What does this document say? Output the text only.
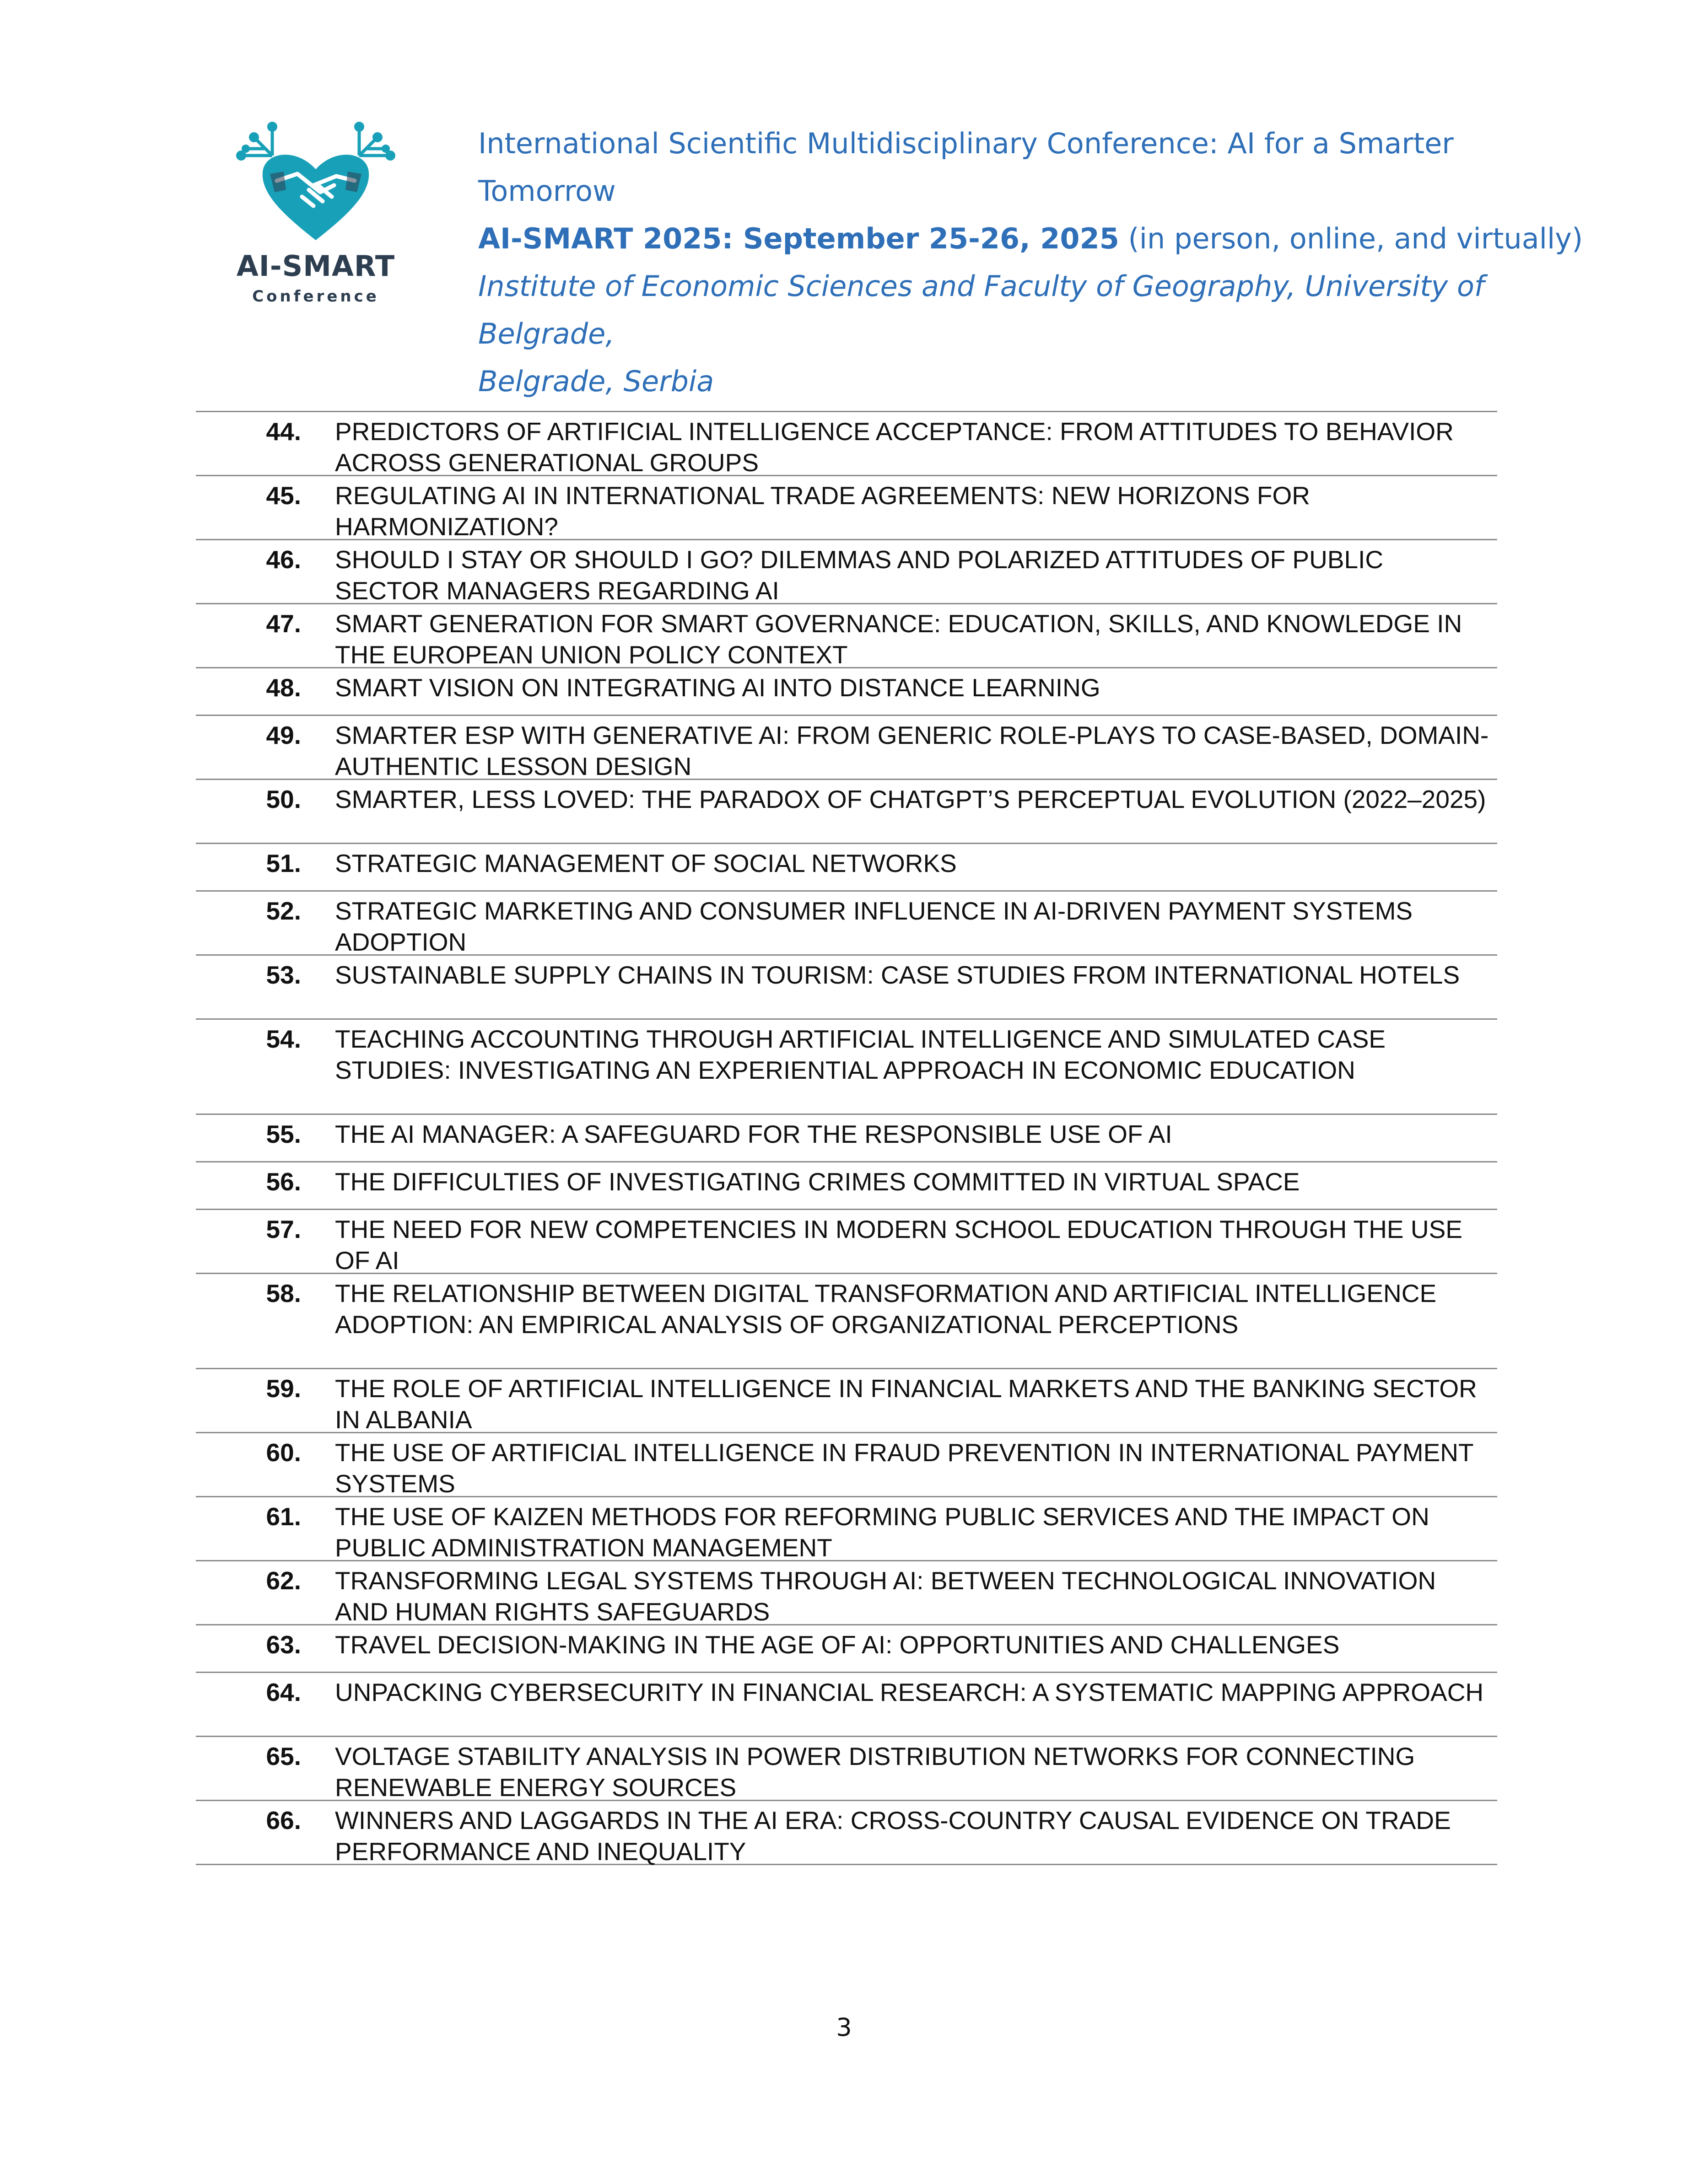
AI-SMART
Conference
International Scientific Multidisciplinary Conference: AI for a Smarter Tomorrow
AI-SMART 2025: September 25-26, 2025 (in person, online, and virtually)
Institute of Economic Sciences and Faculty of Geography, University of Belgrade,
Belgrade, Serbia
44. PREDICTORS OF ARTIFICIAL INTELLIGENCE ACCEPTANCE: FROM ATTITUDES TO BEHAVIOR ACROSS GENERATIONAL GROUPS
45. REGULATING AI IN INTERNATIONAL TRADE AGREEMENTS: NEW HORIZONS FOR HARMONIZATION?
46. SHOULD I STAY OR SHOULD I GO? DILEMMAS AND POLARIZED ATTITUDES OF PUBLIC SECTOR MANAGERS REGARDING AI
47. SMART GENERATION FOR SMART GOVERNANCE: EDUCATION, SKILLS, AND KNOWLEDGE IN THE EUROPEAN UNION POLICY CONTEXT
48. SMART VISION ON INTEGRATING AI INTO DISTANCE LEARNING
49. SMARTER ESP WITH GENERATIVE AI: FROM GENERIC ROLE-PLAYS TO CASE-BASED, DOMAIN-AUTHENTIC LESSON DESIGN
50. SMARTER, LESS LOVED: THE PARADOX OF CHATGPT’S PERCEPTUAL EVOLUTION (2022–2025)
51. STRATEGIC MANAGEMENT OF SOCIAL NETWORKS
52. STRATEGIC MARKETING AND CONSUMER INFLUENCE IN AI-DRIVEN PAYMENT SYSTEMS ADOPTION
53. SUSTAINABLE SUPPLY CHAINS IN TOURISM: CASE STUDIES FROM INTERNATIONAL HOTELS
54. TEACHING ACCOUNTING THROUGH ARTIFICIAL INTELLIGENCE AND SIMULATED CASE STUDIES: INVESTIGATING AN EXPERIENTIAL APPROACH IN ECONOMIC EDUCATION
55. THE AI MANAGER: A SAFEGUARD FOR THE RESPONSIBLE USE OF AI
56. THE DIFFICULTIES OF INVESTIGATING CRIMES COMMITTED IN VIRTUAL SPACE
57. THE NEED FOR NEW COMPETENCIES IN MODERN SCHOOL EDUCATION THROUGH THE USE OF AI
58. THE RELATIONSHIP BETWEEN DIGITAL TRANSFORMATION AND ARTIFICIAL INTELLIGENCE ADOPTION: AN EMPIRICAL ANALYSIS OF ORGANIZATIONAL PERCEPTIONS
59. THE ROLE OF ARTIFICIAL INTELLIGENCE IN FINANCIAL MARKETS AND THE BANKING SECTOR IN ALBANIA
60. THE USE OF ARTIFICIAL INTELLIGENCE IN FRAUD PREVENTION IN INTERNATIONAL PAYMENT SYSTEMS
61. THE USE OF KAIZEN METHODS FOR REFORMING PUBLIC SERVICES AND THE IMPACT ON PUBLIC ADMINISTRATION MANAGEMENT
62. TRANSFORMING LEGAL SYSTEMS THROUGH AI: BETWEEN TECHNOLOGICAL INNOVATION AND HUMAN RIGHTS SAFEGUARDS
63. TRAVEL DECISION-MAKING IN THE AGE OF AI: OPPORTUNITIES AND CHALLENGES
64. UNPACKING CYBERSECURITY IN FINANCIAL RESEARCH: A SYSTEMATIC MAPPING APPROACH
65. VOLTAGE STABILITY ANALYSIS IN POWER DISTRIBUTION NETWORKS FOR CONNECTING RENEWABLE ENERGY SOURCES
66. WINNERS AND LAGGARDS IN THE AI ERA: CROSS-COUNTRY CAUSAL EVIDENCE ON TRADE PERFORMANCE AND INEQUALITY
3
